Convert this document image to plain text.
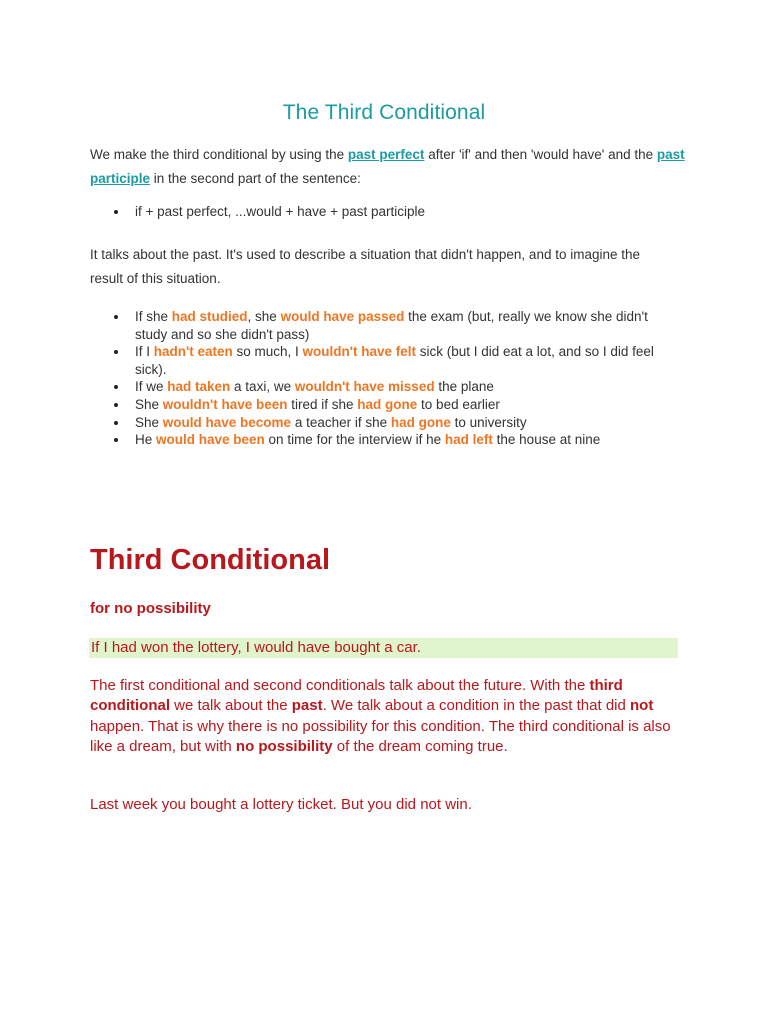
The Third Conditional

We make the third conditional by using the past perfect after 'if' and then 'would have' and the past participle in the second part of the sentence:

if + past perfect, ...would + have + past participle

It talks about the past. It's used to describe a situation that didn't happen, and to imagine the result of this situation.

If she had studied, she would have passed the exam (but, really we know she didn't study and so she didn't pass)
If I hadn't eaten so much, I wouldn't have felt sick (but I did eat a lot, and so I did feel sick).
If we had taken a taxi, we wouldn't have missed the plane
She wouldn't have been tired if she had gone to bed earlier
She would have become a teacher if she had gone to university
He would have been on time for the interview if he had left the house at nine
Third Conditional
for no possibility
If I had won the lottery, I would have bought a car.

The first conditional and second conditionals talk about the future. With the third conditional we talk about the past. We talk about a condition in the past that did not happen. That is why there is no possibility for this condition. The third conditional is also like a dream, but with no possibility of the dream coming true.

Last week you bought a lottery ticket. But you did not win.
